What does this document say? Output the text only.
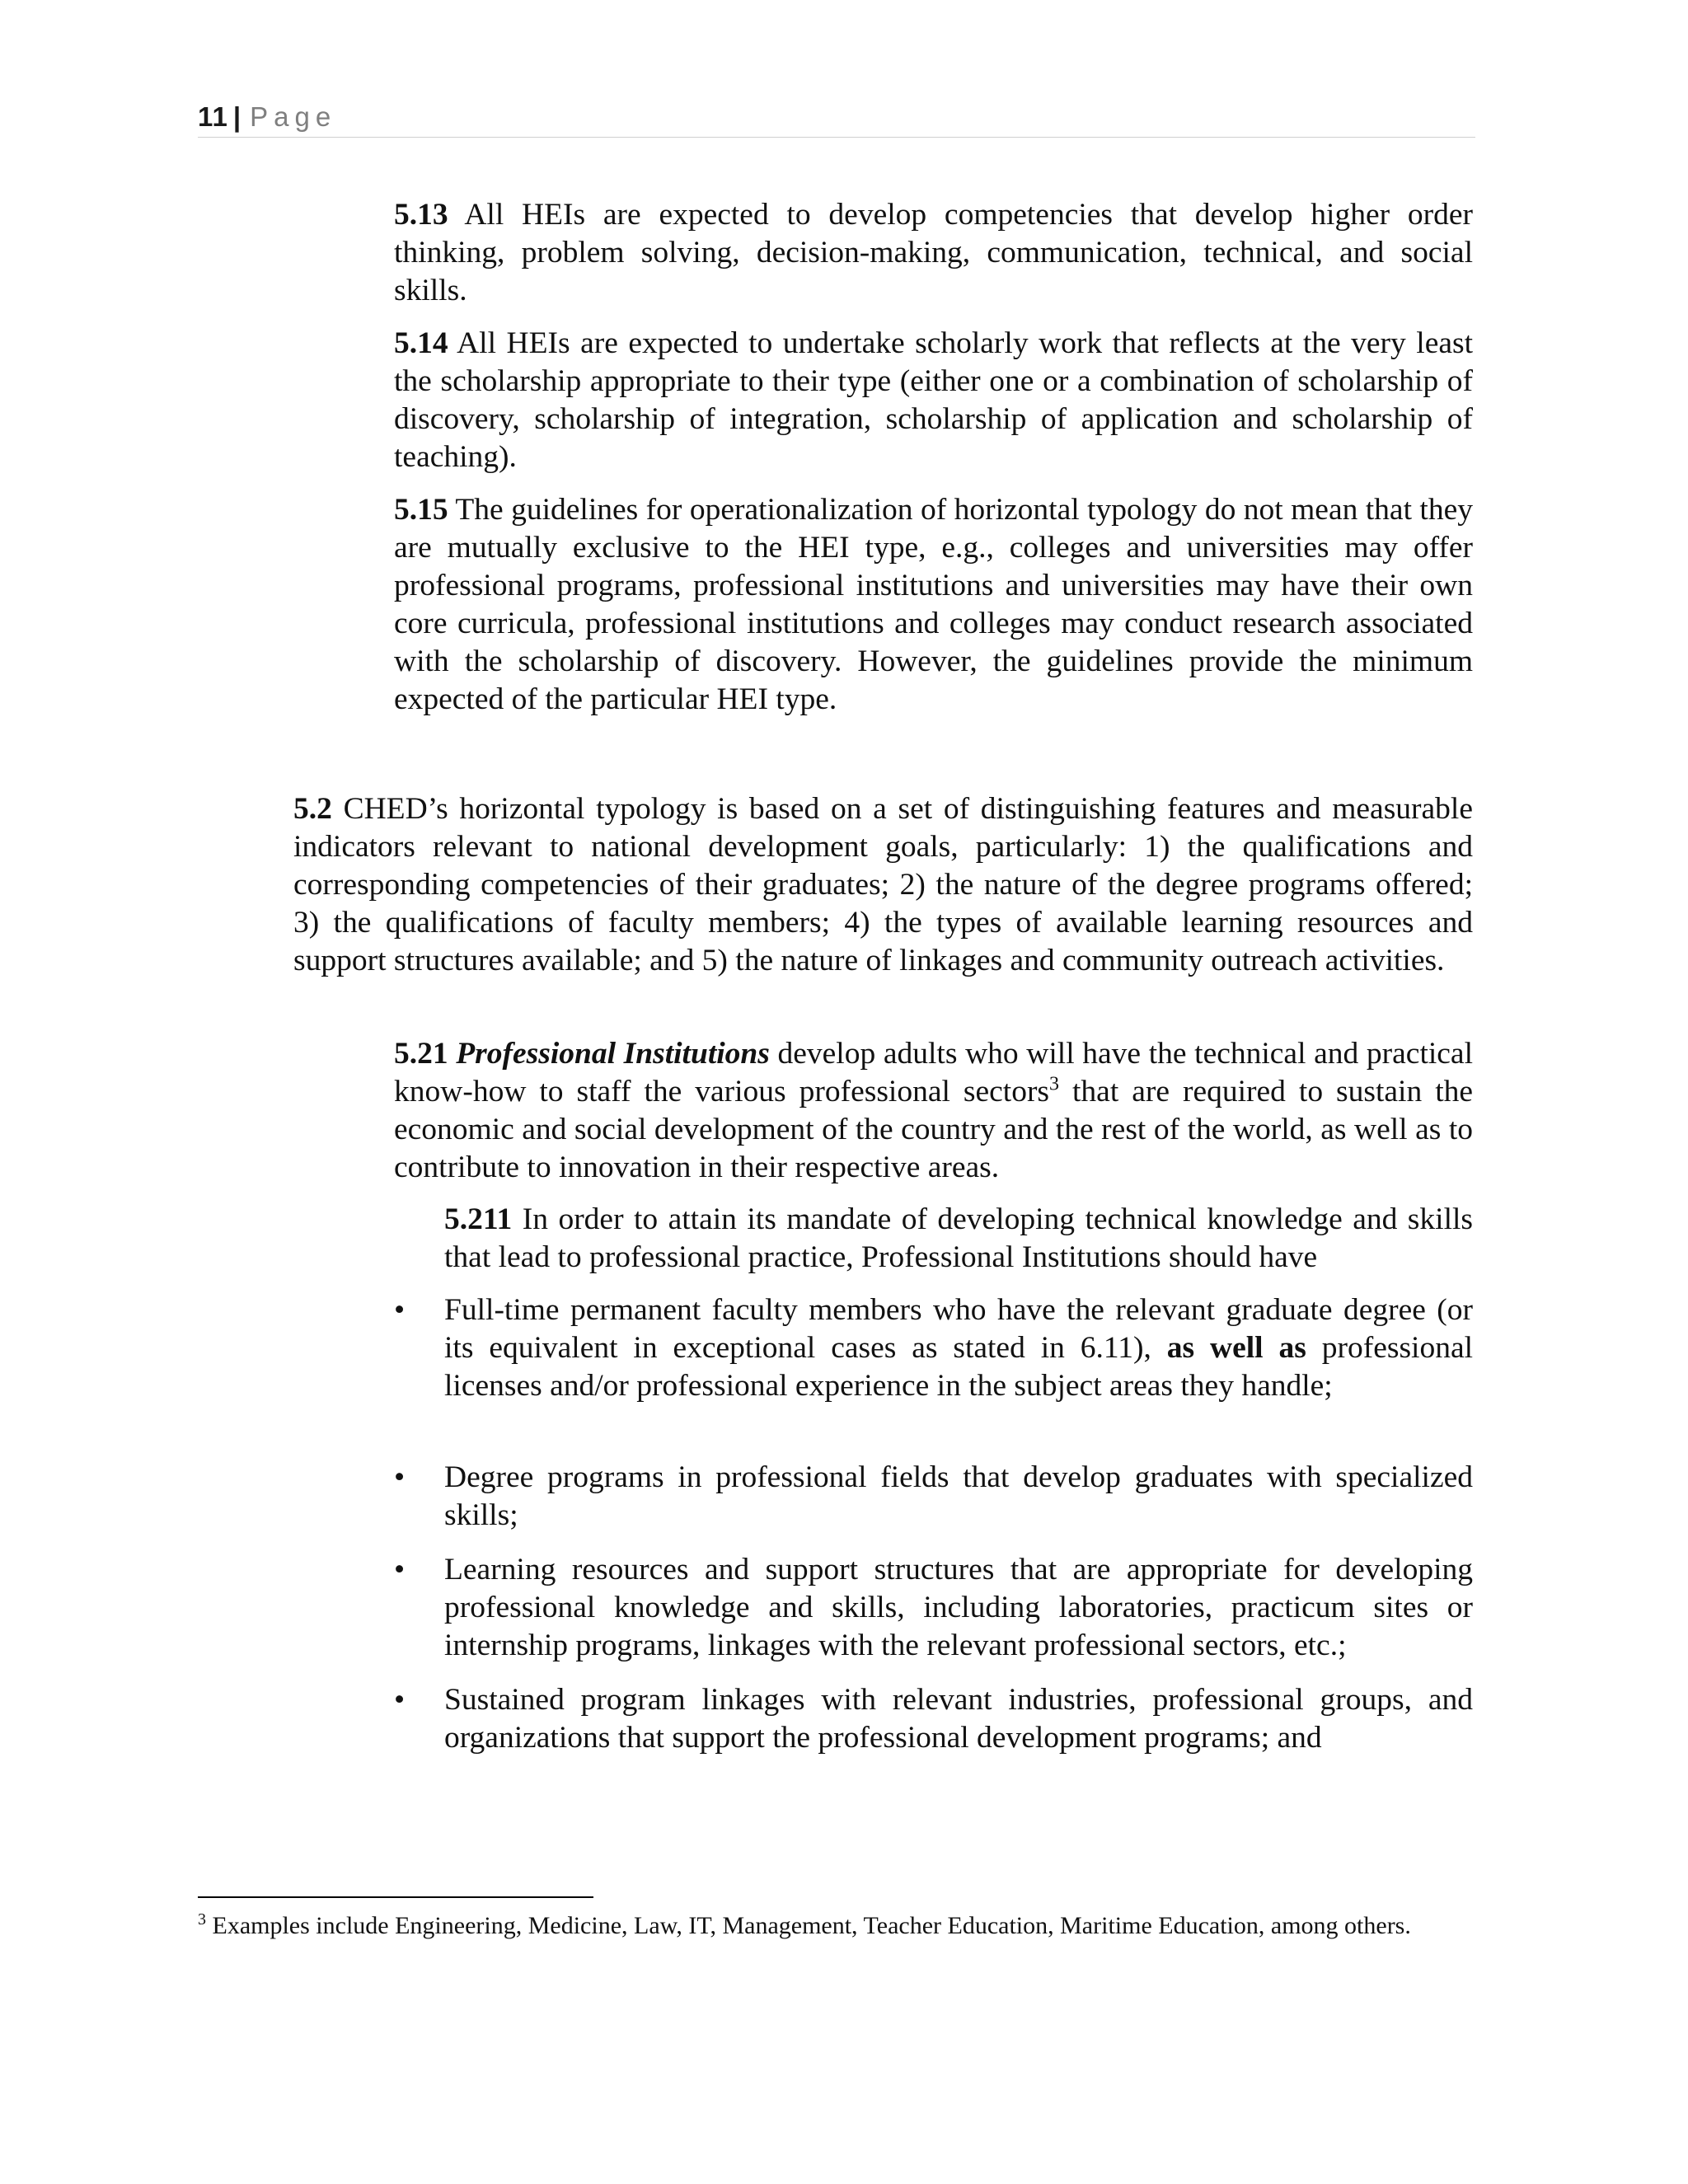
11 | Page
5.13 All HEIs are expected to develop competencies that develop higher order thinking, problem solving, decision-making, communication, technical, and social skills.
5.14 All HEIs are expected to undertake scholarly work that reflects at the very least the scholarship appropriate to their type (either one or a combination of scholarship of discovery, scholarship of integration, scholarship of application and scholarship of teaching).
5.15 The guidelines for operationalization of horizontal typology do not mean that they are mutually exclusive to the HEI type, e.g., colleges and universities may offer professional programs, professional institutions and universities may have their own core curricula, professional institutions and colleges may conduct research associated with the scholarship of discovery. However, the guidelines provide the minimum expected of the particular HEI type.
5.2 CHED’s horizontal typology is based on a set of distinguishing features and measurable indicators relevant to national development goals, particularly: 1) the qualifications and corresponding competencies of their graduates; 2) the nature of the degree programs offered; 3) the qualifications of faculty members; 4) the types of available learning resources and support structures available; and 5) the nature of linkages and community outreach activities.
5.21 Professional Institutions develop adults who will have the technical and practical know-how to staff the various professional sectors$^3$ that are required to sustain the economic and social development of the country and the rest of the world, as well as to contribute to innovation in their respective areas.
5.211 In order to attain its mandate of developing technical knowledge and skills that lead to professional practice, Professional Institutions should have
•	Full-time permanent faculty members who have the relevant graduate degree (or its equivalent in exceptional cases as stated in 6.11), as well as professional licenses and/or professional experience in the subject areas they handle;
•	Degree programs in professional fields that develop graduates with specialized skills;
•	Learning resources and support structures that are appropriate for developing professional knowledge and skills, including laboratories, practicum sites or internship programs, linkages with the relevant professional sectors, etc.;
•	Sustained program linkages with relevant industries, professional groups, and organizations that support the professional development programs; and
$^3$ Examples include Engineering, Medicine, Law, IT, Management, Teacher Education, Maritime Education, among others.
